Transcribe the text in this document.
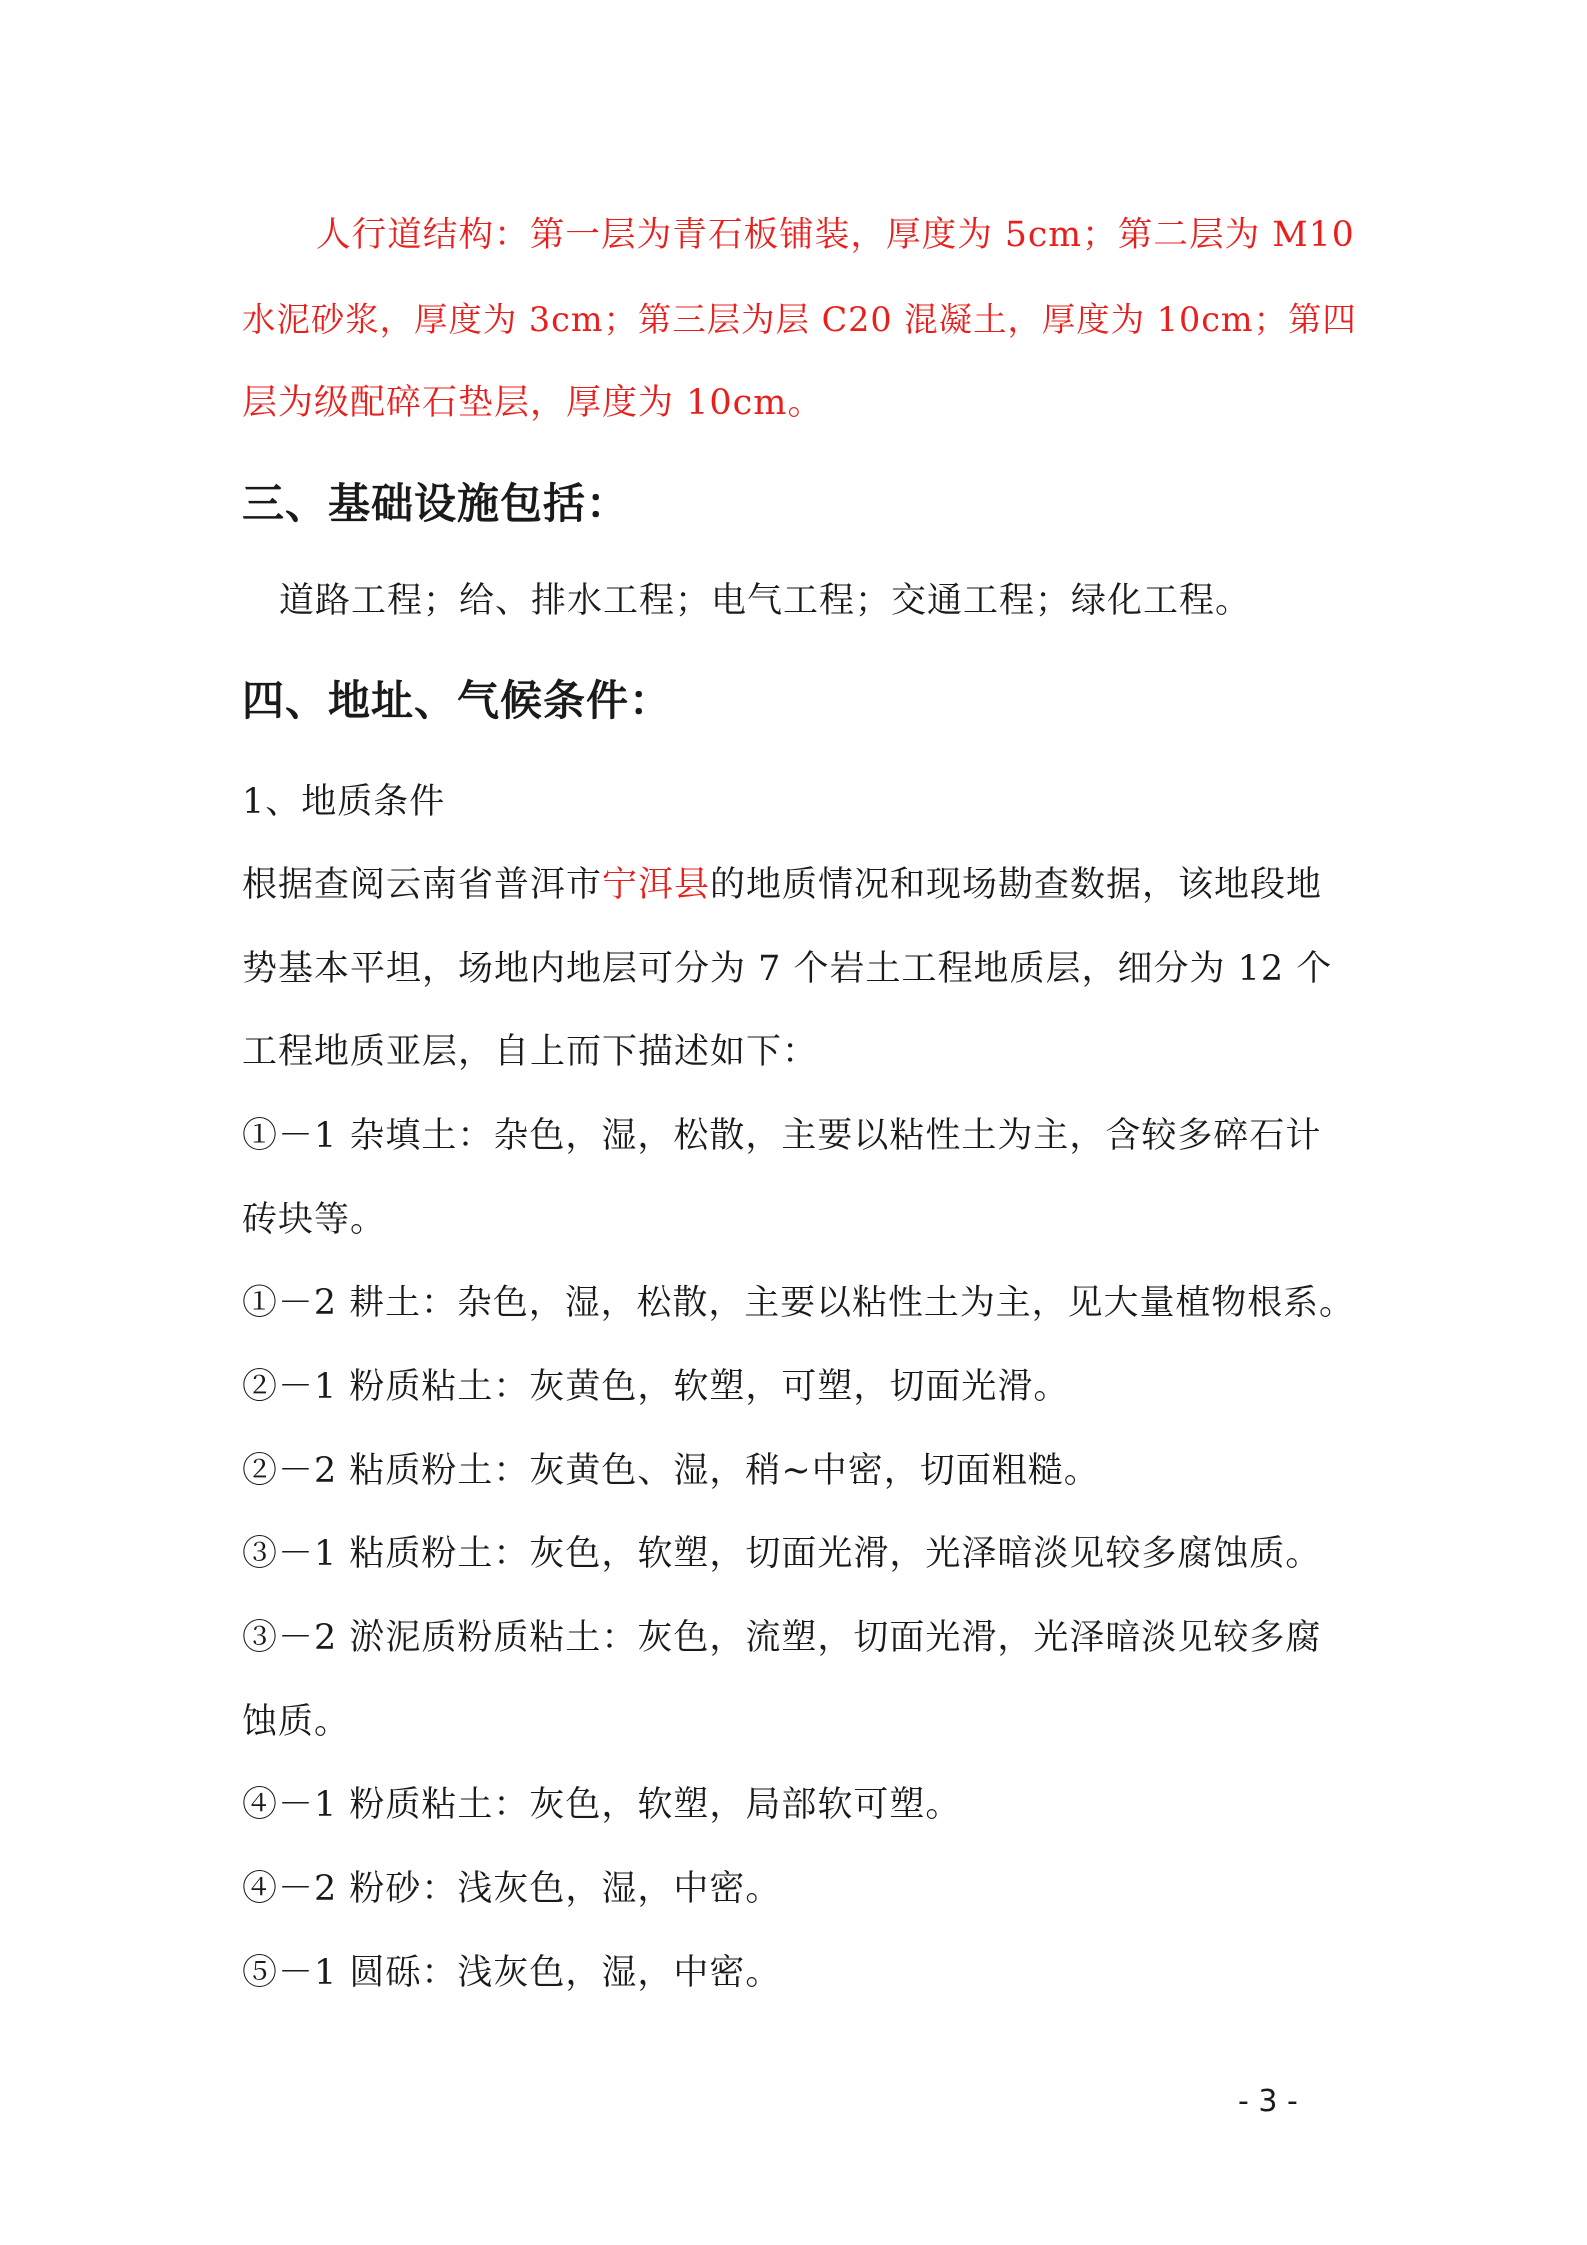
人行道结构：第一层为青石板铺装，厚度为 5cm；第二层为 M10
水泥砂浆，厚度为 3cm；第三层为层 C20 混凝土，厚度为 10cm；第四
层为级配碎石垫层，厚度为 10cm。
三、基础设施包括：
道路工程；给、排水工程；电气工程；交通工程；绿化工程。
四、地址、气候条件：
1、地质条件
根据查阅云南省普洱市宁洱县的地质情况和现场勘查数据，该地段地
势基本平坦，场地内地层可分为 7 个岩土工程地质层，细分为 12 个
工程地质亚层，自上而下描述如下：
①－1 杂填土：杂色，湿，松散，主要以粘性土为主，含较多碎石计
砖块等。
①－2 耕土：杂色，湿，松散，主要以粘性土为主，见大量植物根系。
②－1 粉质粘土：灰黄色，软塑，可塑，切面光滑。
②－2 粘质粉土：灰黄色、湿，稍~中密，切面粗糙。
③－1 粘质粉土：灰色，软塑，切面光滑，光泽暗淡见较多腐蚀质。
③－2 淤泥质粉质粘土：灰色，流塑，切面光滑，光泽暗淡见较多腐
蚀质。
④－1 粉质粘土：灰色，软塑，局部软可塑。
④－2 粉砂：浅灰色，湿，中密。
⑤－1 圆砾：浅灰色，湿，中密。
- 3 -
